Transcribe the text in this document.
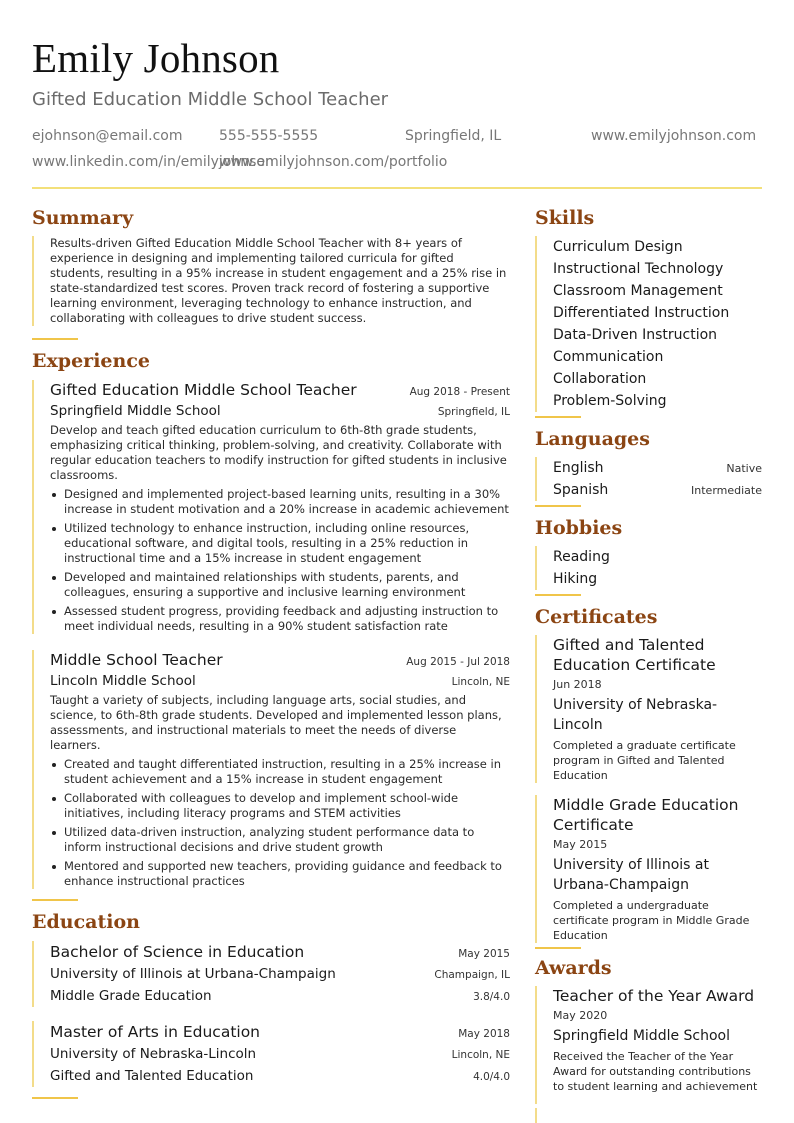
Emily Johnson
Gifted Education Middle School Teacher
ejohnson@email.com	555-555-5555	Springfield, IL	www.emilyjohnson.com
www.linkedin.com/in/emilyjohnson
www.emilyjohnson.com/portfolio
Summary
Results-driven Gifted Education Middle School Teacher with 8+ years of experience in designing and implementing tailored curricula for gifted students, resulting in a 95% increase in student engagement and a 25% rise in state-standardized test scores. Proven track record of fostering a supportive learning environment, leveraging technology to enhance instruction, and collaborating with colleagues to drive student success.
Experience
Gifted Education Middle School Teacher	Aug 2018 - Present
Springfield Middle School	Springfield, IL
Develop and teach gifted education curriculum to 6th-8th grade students, emphasizing critical thinking, problem-solving, and creativity. Collaborate with regular education teachers to modify instruction for gifted students in inclusive classrooms.
Designed and implemented project-based learning units, resulting in a 30% increase in student motivation and a 20% increase in academic achievement
Utilized technology to enhance instruction, including online resources, educational software, and digital tools, resulting in a 25% reduction in instructional time and a 15% increase in student engagement
Developed and maintained relationships with students, parents, and colleagues, ensuring a supportive and inclusive learning environment
Assessed student progress, providing feedback and adjusting instruction to meet individual needs, resulting in a 90% student satisfaction rate
Middle School Teacher	Aug 2015 - Jul 2018
Lincoln Middle School	Lincoln, NE
Taught a variety of subjects, including language arts, social studies, and science, to 6th-8th grade students. Developed and implemented lesson plans, assessments, and instructional materials to meet the needs of diverse learners.
Created and taught differentiated instruction, resulting in a 25% increase in student achievement and a 15% increase in student engagement
Collaborated with colleagues to develop and implement school-wide initiatives, including literacy programs and STEM activities
Utilized data-driven instruction, analyzing student performance data to inform instructional decisions and drive student growth
Mentored and supported new teachers, providing guidance and feedback to enhance instructional practices
Education
Bachelor of Science in Education	May 2015
University of Illinois at Urbana-Champaign	Champaign, IL
Middle Grade Education	3.8/4.0
Master of Arts in Education	May 2018
University of Nebraska-Lincoln	Lincoln, NE
Gifted and Talented Education	4.0/4.0
Skills
Curriculum Design
Instructional Technology
Classroom Management
Differentiated Instruction
Data-Driven Instruction
Communication
Collaboration
Problem-Solving
Languages
English	Native
Spanish	Intermediate
Hobbies
Reading
Hiking
Certificates
Gifted and Talented Education Certificate
Jun 2018
University of Nebraska-Lincoln
Completed a graduate certificate program in Gifted and Talented Education
Middle Grade Education Certificate
May 2015
University of Illinois at Urbana-Champaign
Completed a undergraduate certificate program in Middle Grade Education
Awards
Teacher of the Year Award
May 2020
Springfield Middle School
Received the Teacher of the Year Award for outstanding contributions to student learning and achievement
